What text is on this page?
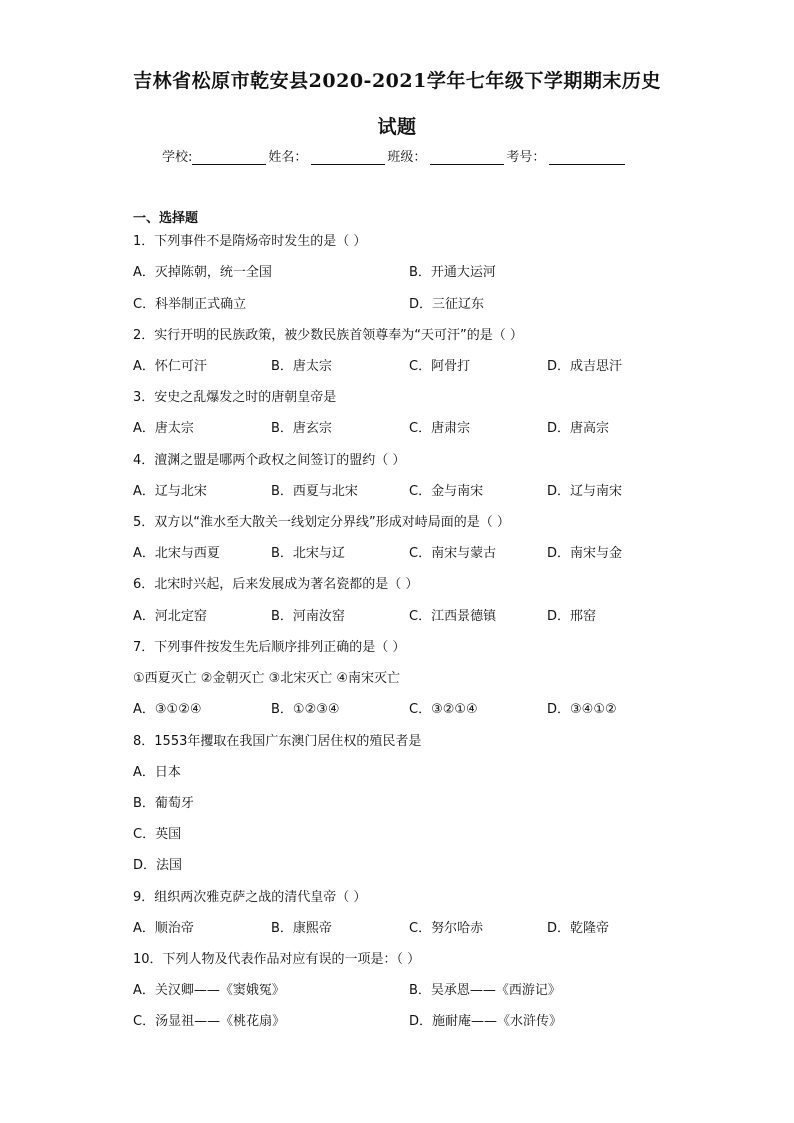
吉林省松原市乾安县2020-2021学年七年级下学期期末历史
试题
学校:	姓名：	班级：	考号：
一、选择题
1．下列事件不是隋炀帝时发生的是（ ）
A．灭掉陈朝，统一全国	B．开通大运河
C．科举制正式确立	D．三征辽东
2．实行开明的民族政策，被少数民族首领尊奉为“天可汗”的是（ ）
A．怀仁可汗	B．唐太宗	C．阿骨打	D．成吉思汗
3．安史之乱爆发之时的唐朝皇帝是
A．唐太宗	B．唐玄宗	C．唐肃宗	D．唐高宗
4．澶渊之盟是哪两个政权之间签订的盟约（ ）
A．辽与北宋	B．西夏与北宋	C．金与南宋	D．辽与南宋
5．双方以“淮水至大散关一线划定分界线”形成对峙局面的是（ ）
A．北宋与西夏	B．北宋与辽	C．南宋与蒙古	D．南宋与金
6．北宋时兴起，后来发展成为著名瓷都的是（ ）
A．河北定窑	B．河南汝窑	C．江西景德镇	D．邢窑
7．下列事件按发生先后顺序排列正确的是（ ）
①西夏灭亡 ②金朝灭亡 ③北宋灭亡 ④南宋灭亡
A．③①②④	B．①②③④	C．③②①④	D．③④①②
8．1553年攫取在我国广东澳门居住权的殖民者是
A．日本
B．葡萄牙
C．英国
D．法国
9．组织两次雅克萨之战的清代皇帝（ ）
A．顺治帝	B．康熙帝	C．努尔哈赤	D．乾隆帝
10．下列人物及代表作品对应有误的一项是：（ ）
A．关汉卿——《窦娥冤》	B．吴承恩——《西游记》
C．汤显祖——《桃花扇》	D．施耐庵——《水浒传》
